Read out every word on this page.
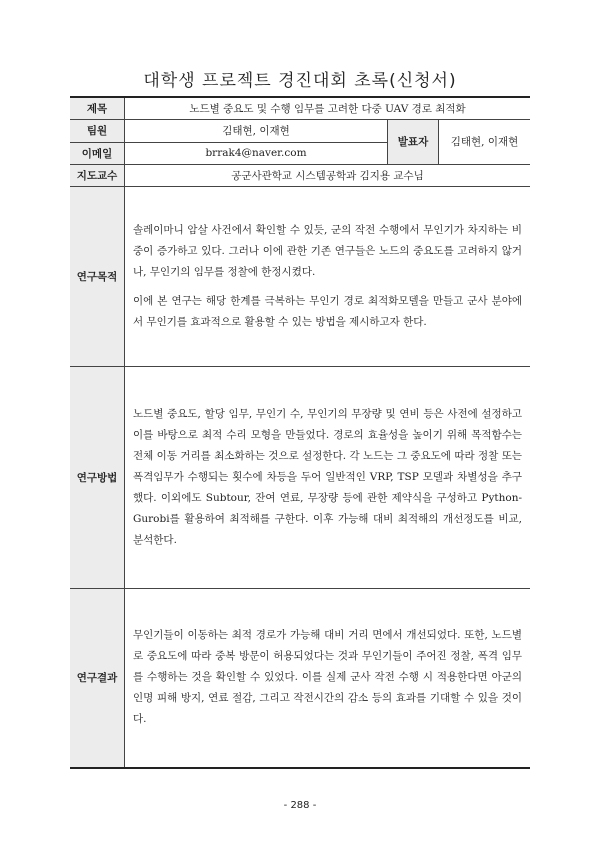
대학생 프로젝트 경진대회 초록(신청서)
제목	노드별 중요도 및 수행 임무를 고려한 다중 UAV 경로 최적화		
팀원	김태현, 이재현	발표자	김태현, 이재현
이메일	brrak4@naver.com		
지도교수	공군사관학교 시스템공학과 김지용 교수님		
연구목적	솔레이마니 암살 사건에서 확인할 수 있듯, 군의 작전 수행에서 무인기가 차지하는 비중이 증가하고 있다. 그러나 이에 관한 기존 연구들은 노드의 중요도를 고려하지 않거나, 무인기의 임무를 정찰에 한정시켰다.

이에 본 연구는 해당 한계를 극복하는 무인기 경로 최적화모델을 만들고 군사 분야에서 무인기를 효과적으로 활용할 수 있는 방법을 제시하고자 한다.		

연구방법	노드별 중요도, 할당 임무, 무인기 수, 무인기의 무장량 및 연비 등은 사전에 설정하고 이를 바탕으로 최적 수리 모형을 만들었다. 경로의 효율성을 높이기 위해 목적함수는 전체 이동 거리를 최소화하는 것으로 설정한다. 각 노드는 그 중요도에 따라 정찰 또는 폭격임무가 수행되는 횟수에 차등을 두어 일반적인 VRP, TSP 모델과 차별성을 추구했다. 이외에도 Subtour, 잔여 연료, 무장량 등에 관한 제약식을 구성하고 Python-Gurobi를 활용하여 최적해를 구한다. 이후 가능해 대비 최적해의 개선정도를 비교, 분석한다.		

연구결과	무인기들이 이동하는 최적 경로가 가능해 대비 거리 면에서 개선되었다. 또한, 노드별로 중요도에 따라 중복 방문이 허용되었다는 것과 무인기들이 주어진 정찰, 폭격 임무를 수행하는 것을 확인할 수 있었다. 이를 실제 군사 작전 수행 시 적용한다면 아군의 인명 피해 방지, 연료 절감, 그리고 작전시간의 감소 등의 효과를 기대할 수 있을 것이다.		

- 288 -
